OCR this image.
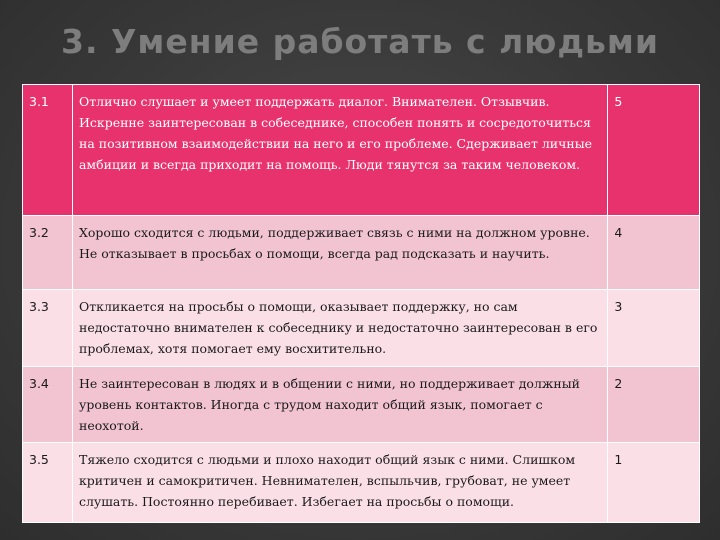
3. Умение работать с людьми
3.1	Отлично слушает и умеет поддержать диалог. Внимателен. Отзывчив. Искренне заинтересован в собеседнике, способен понять и сосредоточиться на позитивном взаимодействии на него и его проблеме. Сдерживает личные амбиции и всегда приходит на помощь. Люди тянутся за таким человеком.	5
3.2	Хорошо сходится с людьми, поддерживает связь с ними на должном уровне. Не отказывает в просьбах о помощи, всегда рад подсказать и научить.	4
3.3	Откликается на просьбы о помощи, оказывает поддержку, но сам недостаточно внимателен к собеседнику и недостаточно заинтересован в его проблемах, хотя помогает ему восхитительно.	3
3.4	Не заинтересован в людях и в общении с ними, но поддерживает должный уровень контактов. Иногда с трудом находит общий язык, помогает с неохотой.	2
3.5	Тяжело сходится с людьми и плохо находит общий язык с ними. Слишком критичен и самокритичен. Невнимателен, вспыльчив, грубоват, не умеет слушать. Постоянно перебивает. Избегает на просьбы о помощи.	1
